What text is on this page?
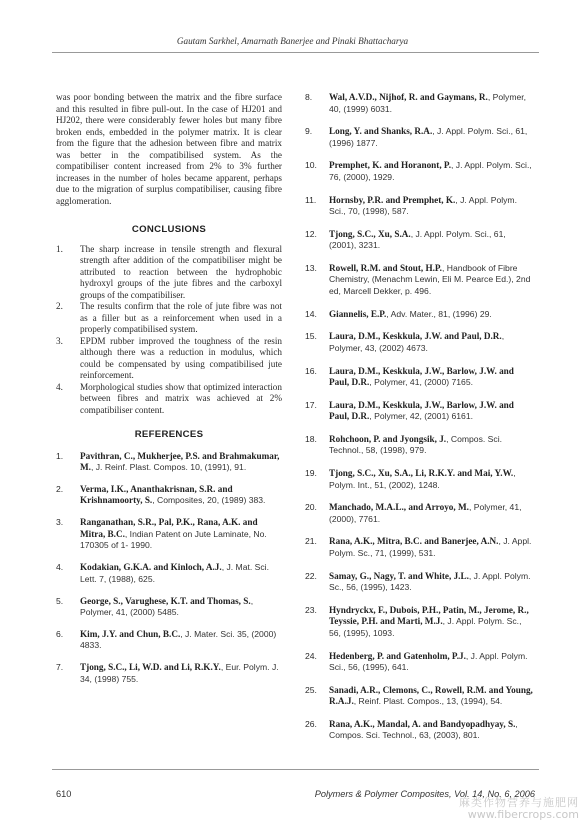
Gautam Sarkhel, Amarnath Banerjee and Pinaki Bhattacharya

was poor bonding between the matrix and the fibre surface and this resulted in fibre pull-out. In the case of HJ201 and HJ202, there were considerably fewer holes but many fibre broken ends, embedded in the polymer matrix. It is clear from the figure that the adhesion between fibre and matrix was better in the compatibilised system. As the compatibiliser content increased from 2% to 3% further increases in the number of holes became apparent, perhaps due to the migration of surplus compatibiliser, causing fibre agglomeration.

CONCLUSIONS
1. The sharp increase in tensile strength and flexural strength after addition of the compatibiliser might be attributed to reaction between the hydrophobic hydroxyl groups of the jute fibres and the carboxyl groups of the compatibiliser.
2. The results confirm that the role of jute fibre was not as a filler but as a reinforcement when used in a properly compatibilised system.
3. EPDM rubber improved the toughness of the resin although there was a reduction in modulus, which could be compensated by using compatibilised jute reinforcement.
4. Morphological studies show that optimized interaction between fibres and matrix was achieved at 2% compatibiliser content.
REFERENCES
1. Pavithran, C., Mukherjee, P.S. and Brahmakumar, M., J. Reinf. Plast. Compos. 10, (1991), 91.
2. Verma, I.K., Ananthakrisnan, S.R. and Krishnamoorty, S., Composites, 20, (1989) 383.
3. Ranganathan, S.R., Pal, P.K., Rana, A.K. and Mitra, B.C., Indian Patent on Jute Laminate, No. 170305 of 1- 1990.
4. Kodakian, G.K.A. and Kinloch, A.J., J. Mat. Sci. Lett. 7, (1988), 625.
5. George, S., Varughese, K.T. and Thomas, S., Polymer, 41, (2000) 5485.
6. Kim, J.Y. and Chun, B.C., J. Mater. Sci. 35, (2000) 4833.
7. Tjong, S.C., Li, W.D. and Li, R.K.Y., Eur. Polym. J. 34, (1998) 755.
8. Wal, A.V.D., Nijhof, R. and Gaymans, R., Polymer, 40, (1999) 6031.
9. Long, Y. and Shanks, R.A., J. Appl. Polym. Sci., 61, (1996) 1877.
10. Premphet, K. and Horanont, P., J. Appl. Polym. Sci., 76, (2000), 1929.
11. Hornsby, P.R. and Premphet, K., J. Appl. Polym. Sci., 70, (1998), 587.
12. Tjong, S.C., Xu, S.A., J. Appl. Polym. Sci., 61, (2001), 3231.
13. Rowell, R.M. and Stout, H.P., Handbook of Fibre Chemistry, (Menachm Lewin, Eli M. Pearce Ed.), 2nd ed, Marcell Dekker, p. 496.
14. Giannelis, E.P., Adv. Mater., 81, (1996) 29.
15. Laura, D.M., Keskkula, J.W. and Paul, D.R., Polymer, 43, (2002) 4673.
16. Laura, D.M., Keskkula, J.W., Barlow, J.W. and Paul, D.R., Polymer, 41, (2000) 7165.
17. Laura, D.M., Keskkula, J.W., Barlow, J.W. and Paul, D.R., Polymer, 42, (2001) 6161.
18. Rohchoon, P. and Jyongsik, J., Compos. Sci. Technol., 58, (1998), 979.
19. Tjong, S.C., Xu, S.A., Li, R.K.Y. and Mai, Y.W., Polym. Int., 51, (2002), 1248.
20. Manchado, M.A.L., and Arroyo, M., Polymer, 41, (2000), 7761.
21. Rana, A.K., Mitra, B.C. and Banerjee, A.N., J. Appl. Polym. Sc., 71, (1999), 531.
22. Samay, G., Nagy, T. and White, J.L., J. Appl. Polym. Sc., 56, (1995), 1423.
23. Hyndryckx, F., Dubois, P.H., Patin, M., Jerome, R., Teyssie, P.H. and Marti, M.J., J. Appl. Polym. Sc., 56, (1995), 1093.
24. Hedenberg, P. and Gatenholm, P.J., J. Appl. Polym. Sci., 56, (1995), 641.
25. Sanadi, A.R., Clemons, C., Rowell, R.M. and Young, R.A.J., Reinf. Plast. Compos., 13, (1994), 54.
26. Rana, A.K., Mandal, A. and Bandyopadhyay, S., Compos. Sci. Technol., 63, (2003), 801.
610	Polymers & Polymer Composites, Vol. 14, No. 6, 2006
麻类作物营养与施肥网
www.fibercrops.com
